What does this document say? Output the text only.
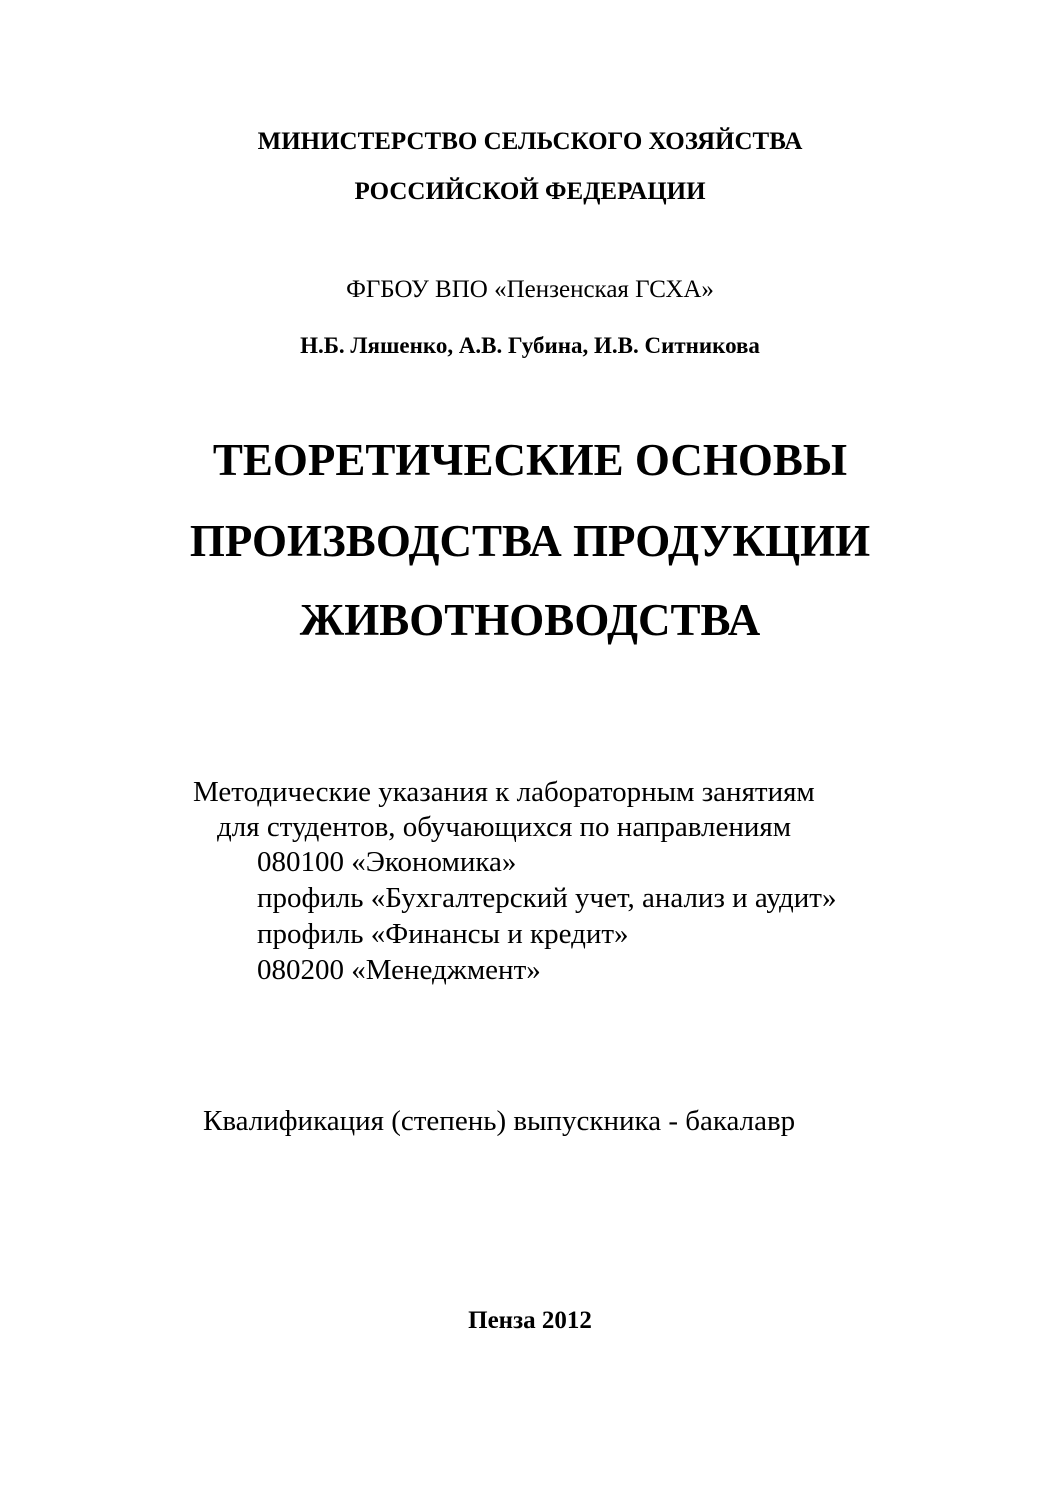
МИНИСТЕРСТВО СЕЛЬСКОГО ХОЗЯЙСТВА
РОССИЙСКОЙ ФЕДЕРАЦИИ
ФГБОУ ВПО «Пензенская ГСХА»
Н.Б. Ляшенко, А.В. Губина, И.В. Ситникова
ТЕОРЕТИЧЕСКИЕ ОСНОВЫ
ПРОИЗВОДСТВА ПРОДУКЦИИ
ЖИВОТНОВОДСТВА
Методические указания к лабораторным занятиям
для студентов, обучающихся по направлениям
080100 «Экономика»
профиль «Бухгалтерский учет, анализ и аудит»
профиль «Финансы и кредит»
080200 «Менеджмент»
Квалификация (степень) выпускника - бакалавр
Пенза 2012
